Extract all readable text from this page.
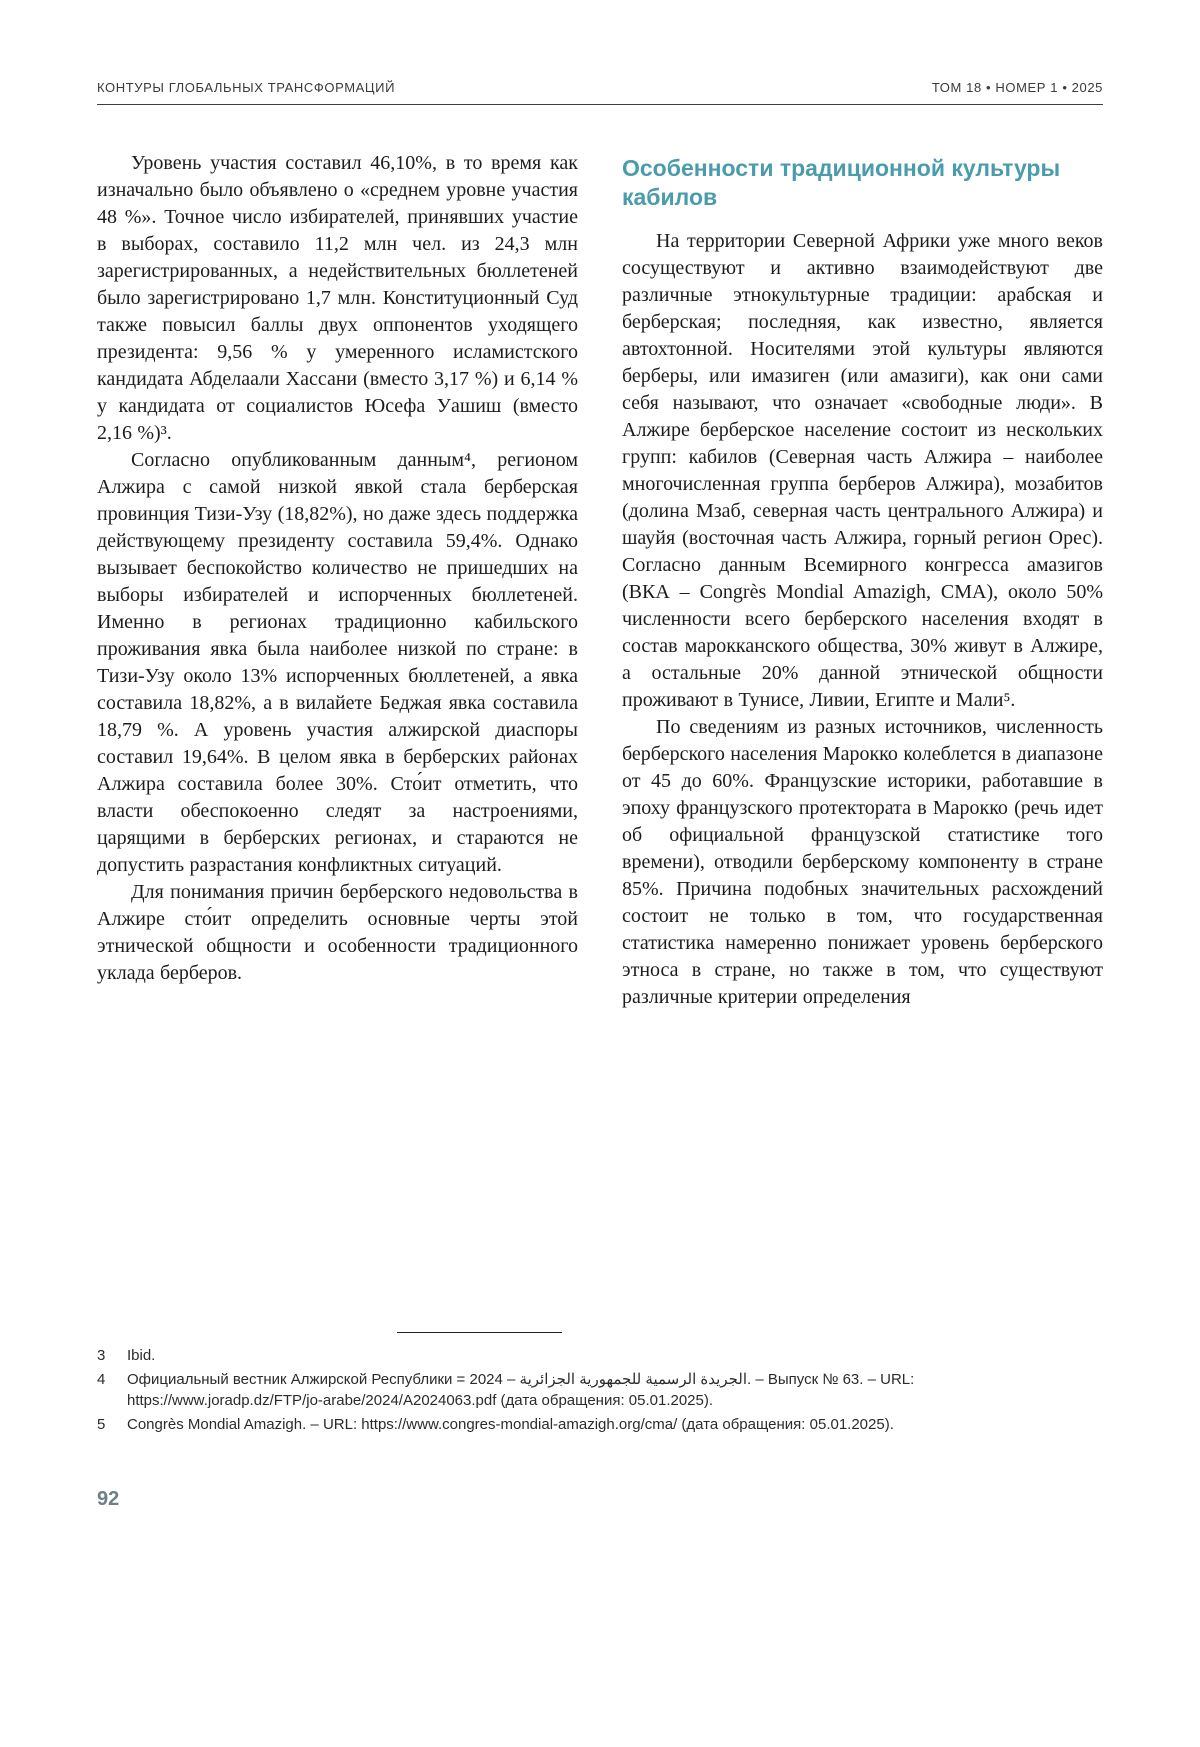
КОНТУРЫ ГЛОБАЛЬНЫХ ТРАНСФОРМАЦИЙ	ТОМ 18 • НОМЕР 1 • 2025

Уровень участия составил 46,10%, в то время как изначально было объявлено о «среднем уровне участия 48 %». Точное число избирателей, принявших участие в выборах, составило 11,2 млн чел. из 24,3 млн зарегистрированных, а недействительных бюллетеней было зарегистрировано 1,7 млн. Конституционный Суд также повысил баллы двух оппонентов уходящего президента: 9,56 % у умеренного исламистского кандидата Абделаали Хассани (вместо 3,17 %) и 6,14 % у кандидата от социалистов Юсефа Уашиш (вместо 2,16 %)³.

Согласно опубликованным данным⁴, регионом Алжира с самой низкой явкой стала берберская провинция Тизи-Узу (18,82%), но даже здесь поддержка действующему президенту составила 59,4%. Однако вызывает беспокойство количество не пришедших на выборы избирателей и испорченных бюллетеней. Именно в регионах традиционно кабильского проживания явка была наиболее низкой по стране: в Тизи-Узу около 13% испорченных бюллетеней, а явка составила 18,82%, а в вилайете Беджая явка составила 18,79 %. А уровень участия алжирской диаспоры составил 19,64%. В целом явка в берберских районах Алжира составила более 30%. Сто́ит отметить, что власти обеспокоенно следят за настроениями, царящими в берберских регионах, и стараются не допустить разрастания конфликтных ситуаций.

Для понимания причин берберского недовольства в Алжире сто́ит определить основные черты этой этнической общности и особенности традиционного уклада берберов.

Особенности традиционной культуры кабилов

На территории Северной Африки уже много веков сосуществуют и активно взаимодействуют две различные этнокультурные традиции: арабская и берберская; последняя, как известно, является автохтонной. Носителями этой культуры являются берберы, или имазиген (или амазиги), как они сами себя называют, что означает «свободные люди». В Алжире берберское население состоит из нескольких групп: кабилов (Северная часть Алжира – наиболее многочисленная группа берберов Алжира), мозабитов (долина Мзаб, северная часть центрального Алжира) и шауйя (восточная часть Алжира, горный регион Орес). Согласно данным Всемирного конгресса амазигов (ВКА – Congrès Mondial Amazigh, CMA), около 50% численности всего берберского населения входят в состав марокканского общества, 30% живут в Алжире, а остальные 20% данной этнической общности проживают в Тунисе, Ливии, Египте и Мали⁵.

По сведениям из разных источников, численность берберского населения Марокко колеблется в диапазоне от 45 до 60%. Французские историки, работавшие в эпоху французского протектората в Марокко (речь идет об официальной французской статистике того времени), отводили берберскому компоненту в стране 85%. Причина подобных значительных расхождений состоит не только в том, что государственная статистика намеренно понижает уровень берберского этноса в стране, но также в том, что существуют различные критерии определения

3	Ibid.
4	Официальный вестник Алжирской Республики = الجريدة الرسمية للجمهورية الجزائرية – 2024. – Выпуск № 63. – URL: https://www.joradp.dz/FTP/jo-arabe/2024/A2024063.pdf (дата обращения: 05.01.2025).
5	Congrès Mondial Amazigh. – URL: https://www.congres-mondial-amazigh.org/cma/ (дата обращения: 05.01.2025).
92
